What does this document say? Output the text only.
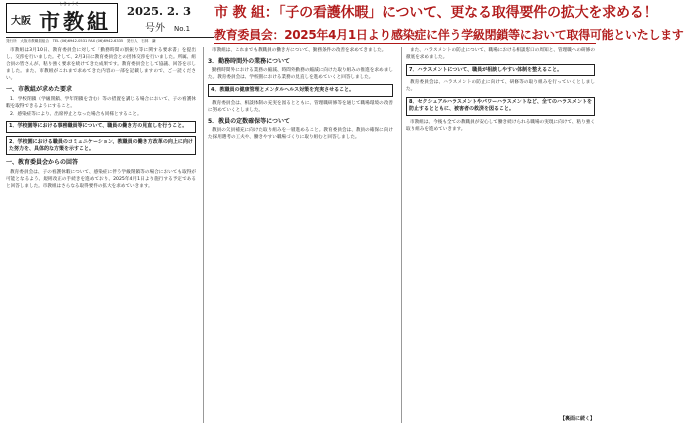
大阪
しきょうそ
市教組 2025. 2. 3
号外 No.1
発行所　大阪市教職員組合　TEL (06)6942-0531 FAX (06)6942-6335　発行人　石林　謙
市 教 組：「子の看護休暇」について、更なる取得要件の拡大を求める！
教育委員会：2025年4月1日より感染症に伴う学級閉鎖等において取得可能といたします

市教組は3月10日、教育委員会に対して「勤務時間の割振り等に関する要求書」を提出し、交渉を行いました。そして、2月3日に教育委員会との団体交渉を行いました。所属、組合員の皆さんが、粘り強く要求を続けてきた成果です。教育委員会として協議、回答を示しました。また、市教組がこれまで求めてきた内容の一部を記載しますので、ご一読ください。

一、市教組が求めた要求

1．学校閉鎖（学級閉鎖、学年閉鎖を含む）等の措置を講じる場合において、子の看護休暇を取得できるようにすること。

2．感染症等により、出席停止となった場合も同様とすること。

1．学校園等における事務職員等について、職員の働き方の見直しを行うこと。
2．学校園における職員のコミュニケーション、教職員の働き方改革の向上に向けた努力を、具体的な方策を示すこと。
一、教育委員会からの回答

教育委員会は、子の看護休暇について、感染症に伴う学級閉鎖等の場合においても取得が可能となるよう、規則改正の手続きを進めており、2025年4月1日より施行する予定であると回答しました。市教組はさらなる取得要件の拡大を求めていきます。

市教組は、これまでも教職員の働き方について、勤務条件の改善を求めてきました。

3．勤務時間外の業務について

勤務時間外における業務の縮減、時間外勤務の縮減に向けた取り組みの推進を求めました。教育委員会は、学校園における業務の見直しを進めていくと回答しました。

4．教職員の健康管理とメンタルヘルス対策を充実させること。

教育委員会は、相談体制の充実を図るとともに、管理職研修等を通じて職場環境の改善に努めていくとしました。

5．教員の定数確保等について

教員の欠員補充に向けた取り組みを一層進めること。教育委員会は、教員の確保に向けた採用選考の工夫や、働きやすい職場づくりに取り組むと回答しました。

また、ハラスメントの防止について、職場における相談窓口の周知と、管理職への研修の徹底を求めました。

7．ハラスメントについて、職員が相談しやすい体制を整えること。

教育委員会は、ハラスメントの防止に向けて、研修等の取り組みを行っていくとしました。

8．セクシュアルハラスメントやパワーハラスメントなど、全てのハラスメントを防止するとともに、被害者の救済を図ること。

市教組は、今後も全ての教職員が安心して働き続けられる職場の実現に向けて、粘り強く取り組みを進めていきます。

【裏面に続く】
